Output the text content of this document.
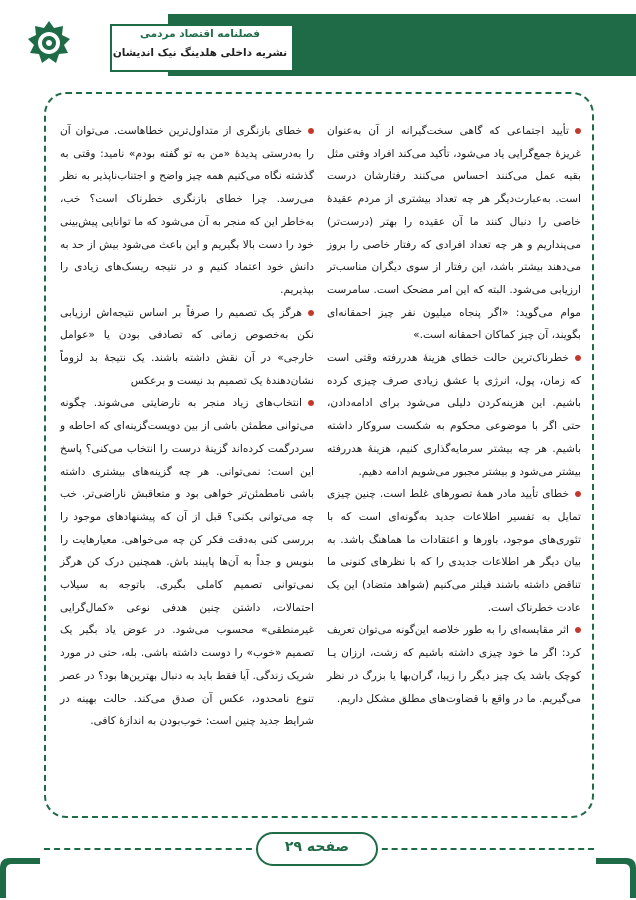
فصلنامه اقتصاد مردمی
نشریه داخلی هلدینگ نیک اندیشان

تأیید اجتماعی که گاهی سخت‌گیرانه از آن به‌عنوان غریزهٔ جمع‌گرایی یاد می‌شود، تأکید می‌کند افراد وقتی مثل بقیه عمل می‌کنند احساس می‌کنند رفتارشان درست است. به‌عبارت‌دیگر هر چه تعداد بیشتری از مردم عقیدهٔ خاصی را دنبال کنند ما آن عقیده را بهتر (درست‌تر) می‌پنداریم و هر چه تعداد افرادی که رفتار خاصی را بروز می‌دهند بیشتر باشد، این رفتار از سوی دیگران مناسب‌تر ارزیابی می‌شود. البته که این امر مضحک است. سامرست موام می‌گوید: «اگر پنجاه میلیون نفر چیز احمقانه‌ای بگویند، آن چیز کماکان احمقانه است.»

خطرناک‌ترین حالت خطای هزینهٔ هدررفته وقتی است که زمان، پول، انرژی یا عشق زیادی صرف چیزی کرده باشیم. این هزینه‌کردن دلیلی می‌شود برای ادامه‌دادن، حتی اگر با موضوعی محکوم به شکست سروکار داشته باشیم. هر چه بیشتر سرمایه‌گذاری کنیم، هزینهٔ هدررفته بیشتر می‌شود و بیشتر مجبور می‌شویم ادامه دهیم.

خطای تأیید مادر همهٔ تصورهای غلط است. چنین چیزی تمایل به تفسیر اطلاعات جدید به‌گونه‌ای است که با تئوری‌های موجود، باورها و اعتقادات ما هماهنگ باشد. به بیان دیگر هر اطلاعات جدیدی را که با نظرهای کنونی ما تناقض داشته باشند فیلتر می‌کنیم (شواهد متضاد) این یک عادت خطرناک است.

اثر مقایسه‌ای را به طور خلاصه این‌گونه می‌توان تعریف کرد: اگر ما خود چیزی داشته باشیم که زشت، ارزان یـا کوچک باشد یک چیز دیگر را زیبا، گران‌بها یا بزرگ در نظر می‌گیریم. ما در واقع با قضاوت‌های مطلق مشکل داریم.

خطای بازنگری از متداول‌ترین خطاهاست. می‌توان آن را به‌درستی پدیدهٔ «من به تو گفته بودم» نامید: وقتی به گذشته نگاه می‌کنیم همه چیز واضح و اجتناب‌ناپذیر به نظر می‌رسد. چرا خطای بازنگری خطرناک است؟ خب، به‌خاطر این که منجر به آن می‌شود که ما توانایی پیش‌بینی خود را دست بالا بگیریم و این باعث می‌شود بیش از حد به دانش خود اعتماد کنیم و در نتیجه ریسک‌های زیادی را بپذیریم.

هرگز یک تصمیم را صرفاً بر اساس نتیجه‌اش ارزیابی نکن به‌خصوص زمانی که تصادفی بودن یا «عوامل خارجی» در آن نقش داشته باشند. یک نتیجهٔ بد لزوماً نشان‌دهندهٔ یک تصمیم بد نیست و برعکس

انتخاب‌های زیاد منجر به نارضایتی می‌شوند. چگونه می‌توانی مطمئن باشی از بین دویست‌گزینه‌ای که احاطه و سردرگمت کرده‌اند گزینهٔ درست را انتخاب می‌کنی؟ پاسخ این است: نمی‌توانی. هر چه گزینه‌های بیشتری داشته باشی نامطمئن‌تر خواهی بود و متعاقبش ناراضی‌تر. خب چه می‌توانی بکنی؟ قبل از آن که پیشنهادهای موجود را بررسی کنی به‌دقت فکر کن چه می‌خواهی. معیارهایت را بنویس و جداً به آن‌ها پایبند باش. همچنین درک کن هرگز نمی‌توانی تصمیم کاملی بگیری. باتوجه به سیلاب احتمالات، داشتن چنین هدفی نوعی «کمال‌گرایی غیرمنطقی» محسوب می‌شود. در عوض یاد بگیر یک تصمیم «خوب» را دوست داشته باشی. بله، حتی در مورد شریک زندگی. آیا فقط باید به دنبال بهترین‌ها بود؟ در عصر تنوع نامحدود، عکس آن صدق می‌کند. حالت بهینه در شرایط جدید چنین است: خوب‌بودن به اندازهٔ کافی.

صفحه ۲۹
